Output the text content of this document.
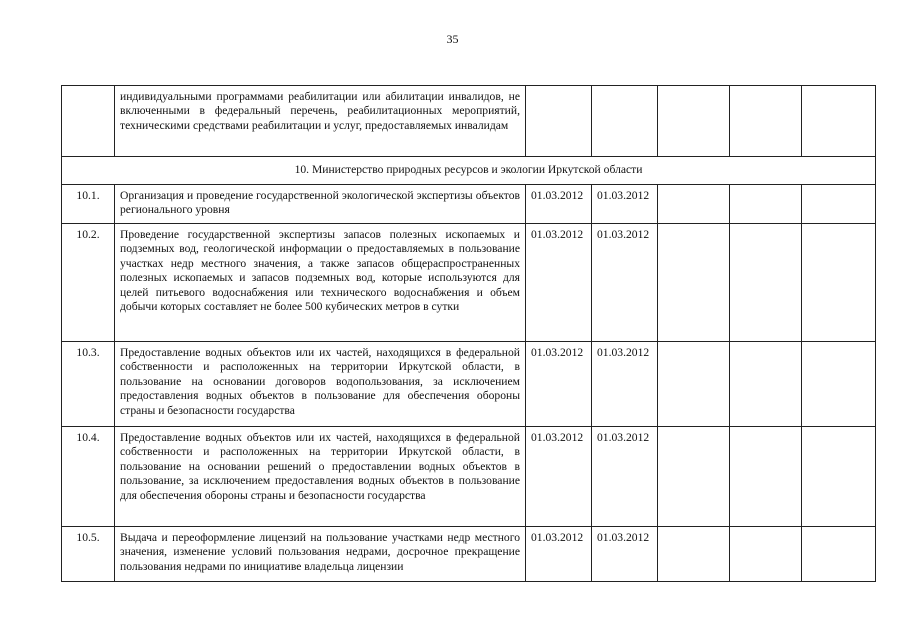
35
	индивидуальными программами реабилитации или абилитации инвалидов, не включенными в федеральный перечень, реабилитационных мероприятий, техническими средствами реабилитации и услуг, предоставляемых инвалидам					
10. Министерство природных ресурсов и экологии Иркутской области						
10.1.	Организация и проведение государственной экологической экспертизы объектов регионального уровня	01.03.2012	01.03.2012			
10.2.	Проведение государственной экспертизы запасов полезных ископаемых и подземных вод, геологической информации о предоставляемых в пользование участках недр местного значения, а также запасов общераспространенных полезных ископаемых и запасов подземных вод, которые используются для целей питьевого водоснабжения или технического водоснабжения и объем добычи которых составляет не более 500 кубических метров в сутки	01.03.2012	01.03.2012			
10.3.	Предоставление водных объектов или их частей, находящихся в федеральной собственности и расположенных на территории Иркутской области, в пользование на основании договоров водопользования, за исключением предоставления водных объектов в пользование для обеспечения обороны страны и безопасности государства	01.03.2012	01.03.2012			
10.4.	Предоставление водных объектов или их частей, находящихся в федеральной собственности и расположенных на территории Иркутской области, в пользование на основании решений о предоставлении водных объектов в пользование, за исключением предоставления водных объектов в пользование для обеспечения обороны страны и безопасности государства	01.03.2012	01.03.2012			
10.5.	Выдача и переоформление лицензий на пользование участками недр местного значения, изменение условий пользования недрами, досрочное прекращение пользования недрами по инициативе владельца лицензии	01.03.2012	01.03.2012			
